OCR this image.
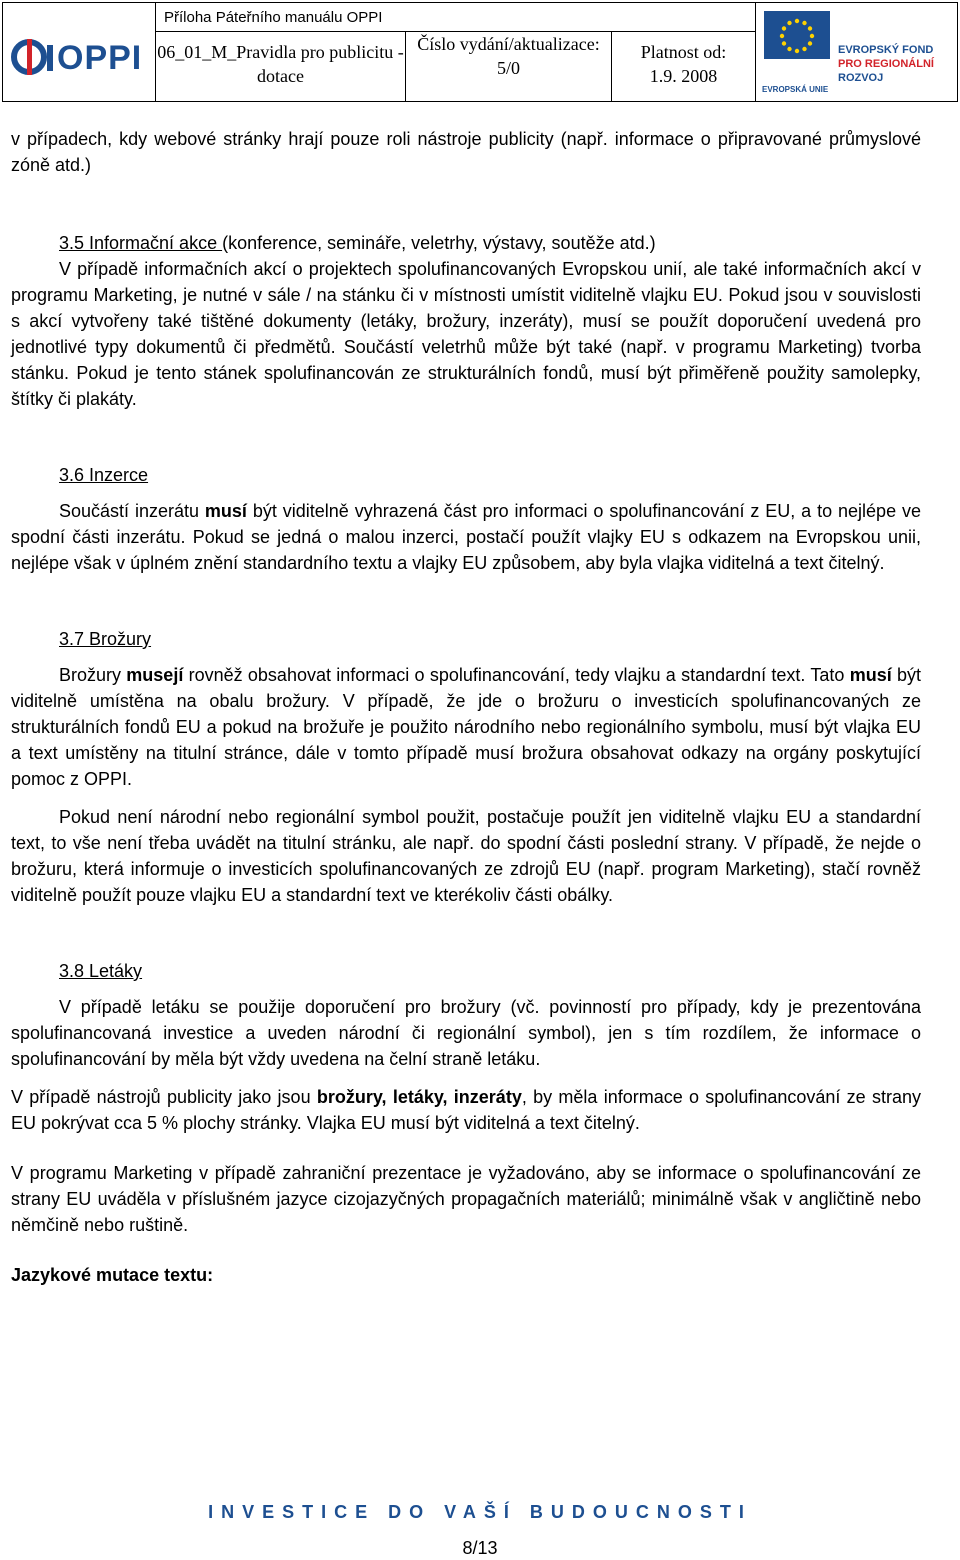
OPPI
Příloha Páteřního manuálu OPPI
06_01_M_Pravidla pro publicitu - dotace
Číslo vydání/aktualizace:
5/0
Platnost od:
1.9. 2008
EVROPSKÝ FOND
PRO REGIONÁLNÍ
ROZVOJ
EVROPSKÁ UNIE

v případech, kdy webové stránky hrají pouze roli nástroje publicity (např. informace o připravované průmyslové zóně atd.)

3.5 Informační akce (konference, semináře, veletrhy, výstavy, soutěže atd.)

V případě informačních akcí o projektech spolufinancovaných Evropskou unií, ale také informačních akcí v programu Marketing, je nutné v sále / na stánku či v místnosti umístit viditelně vlajku EU. Pokud jsou v souvislosti s akcí vytvořeny také tištěné dokumenty (letáky, brožury, inzeráty), musí se použít doporučení uvedená pro jednotlivé typy dokumentů či předmětů. Součástí veletrhů může být také (např. v programu Marketing) tvorba stánku. Pokud je tento stánek spolufinancován ze strukturálních fondů, musí být přiměřeně použity samolepky, štítky či plakáty.

3.6 Inzerce

Součástí inzerátu musí být viditelně vyhrazená část pro informaci o spolufinancování z EU, a to nejlépe ve spodní části inzerátu. Pokud se jedná o malou inzerci, postačí použít vlajky EU s odkazem na Evropskou unii, nejlépe však v úplném znění standardního textu a vlajky EU způsobem, aby byla vlajka viditelná a text čitelný.

3.7 Brožury

Brožury musejí rovněž obsahovat informaci o spolufinancování, tedy vlajku a standardní text. Tato musí být viditelně umístěna na obalu brožury. V případě, že jde o brožuru o investicích spolufinancovaných ze strukturálních fondů EU a pokud na brožuře je použito národního nebo regionálního symbolu, musí být vlajka EU a text umístěny na titulní stránce, dále v tomto případě musí brožura obsahovat odkazy na orgány poskytující pomoc z OPPI.

Pokud není národní nebo regionální symbol použit, postačuje použít jen viditelně vlajku EU a standardní text, to vše není třeba uvádět na titulní stránku, ale např. do spodní části poslední strany. V případě, že nejde o brožuru, která informuje o investicích spolufinancovaných ze zdrojů EU (např. program Marketing), stačí rovněž viditelně použít pouze vlajku EU a standardní text ve kterékoliv části obálky.

3.8 Letáky

V případě letáku se použije doporučení pro brožury (vč. povinností pro případy, kdy je prezentována spolufinancovaná investice a uveden národní či regionální symbol), jen s tím rozdílem, že informace o spolufinancování by měla být vždy uvedena na čelní straně letáku.

V případě nástrojů publicity jako jsou brožury, letáky, inzeráty, by měla informace o spolufinancování ze strany EU pokrývat cca 5 % plochy stránky. Vlajka EU musí být viditelná a text čitelný.

V programu Marketing v případě zahraniční prezentace je vyžadováno, aby se informace o spolufinancování ze strany EU uváděla v příslušném jazyce cizojazyčných propagačních materiálů; minimálně však v angličtině nebo němčině nebo ruštině.

Jazykové mutace textu:

INVESTICE DO VAŠÍ BUDOUCNOSTI
8/13
